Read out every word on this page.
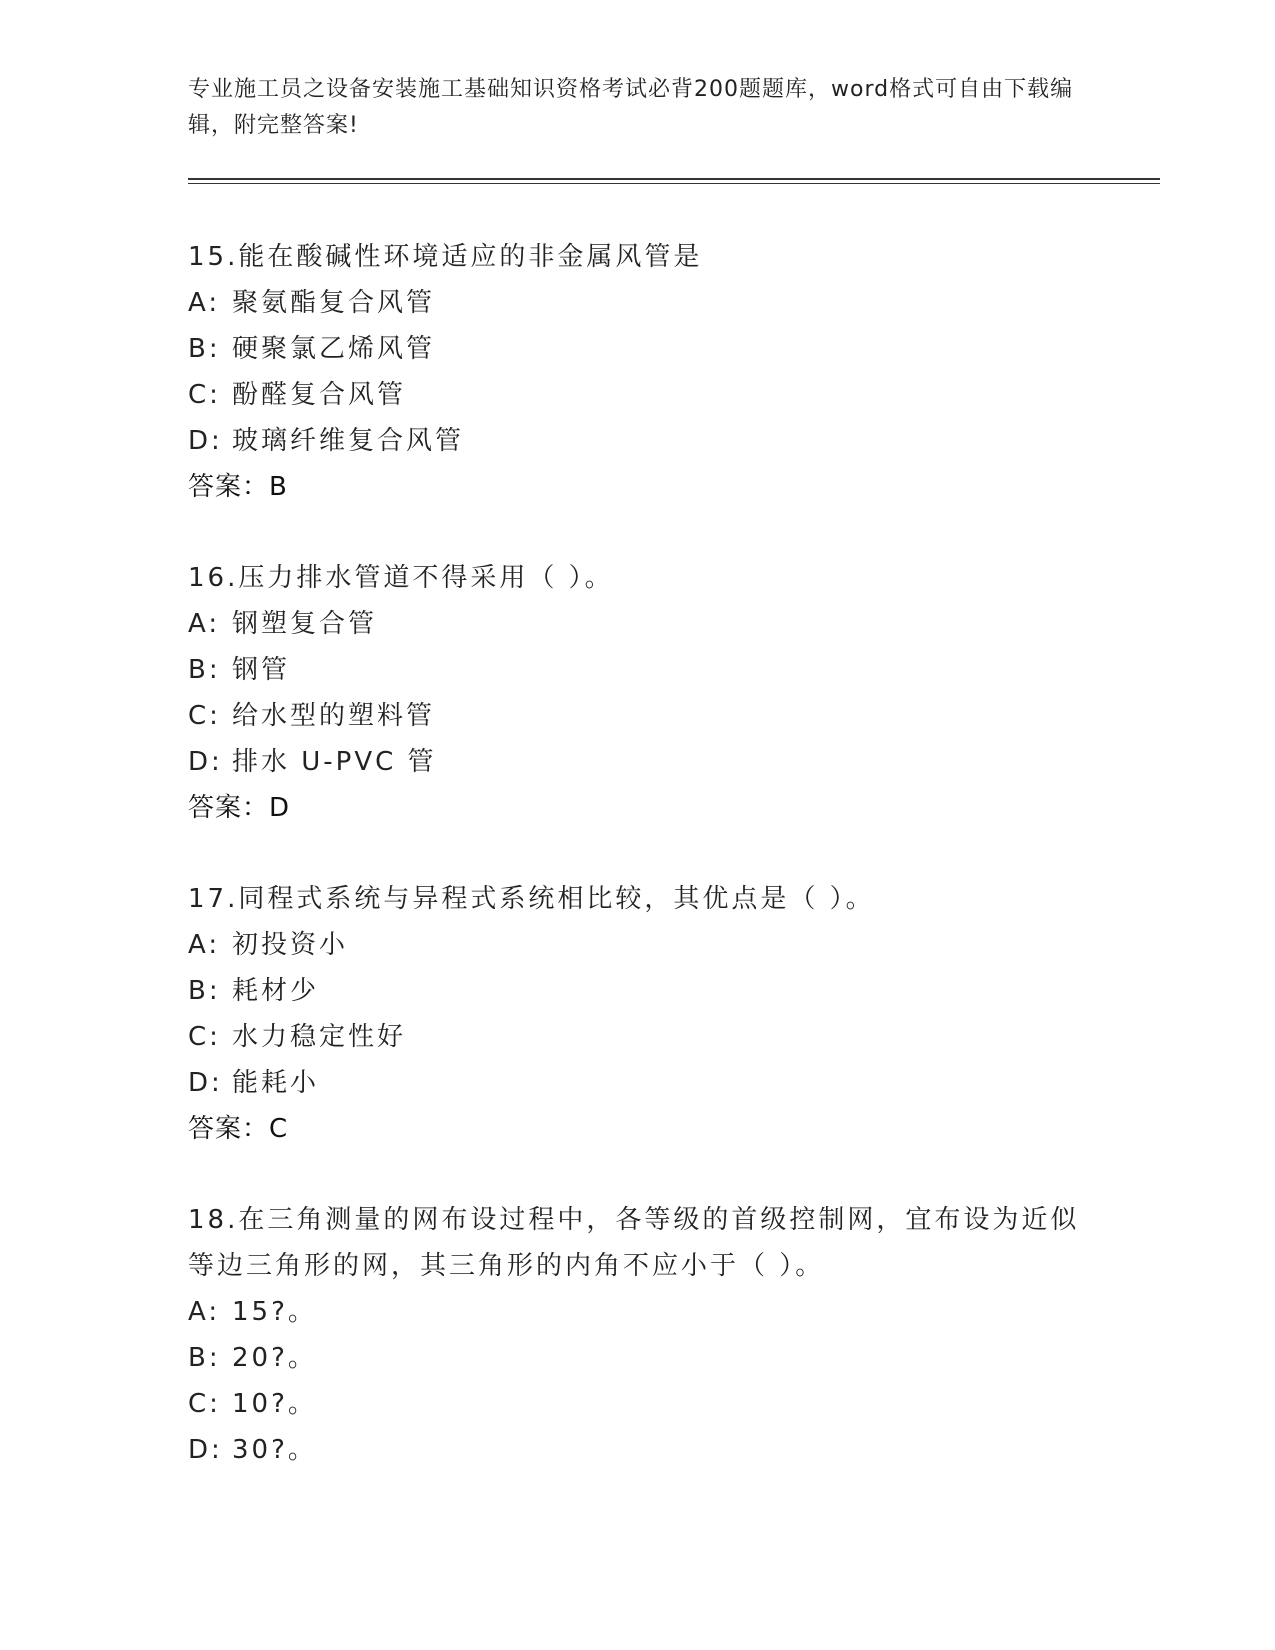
专业施工员之设备安装施工基础知识资格考试必背200题题库，word格式可自由下载编辑，附完整答案!
15.能在酸碱性环境适应的非金属风管是
A: 聚氨酯复合风管
B: 硬聚氯乙烯风管
C: 酚醛复合风管
D: 玻璃纤维复合风管
答案：B
16.压力排水管道不得采用（ ）。
A: 钢塑复合管
B: 钢管
C: 给水型的塑料管
D: 排水 U-PVC 管
答案：D
17.同程式系统与异程式系统相比较，其优点是（ ）。
A: 初投资小
B: 耗材少
C: 水力稳定性好
D: 能耗小
答案：C
18.在三角测量的网布设过程中，各等级的首级控制网，宜布设为近似等边三角形的网，其三角形的内角不应小于（ ）。
A: 15?。
B: 20?。
C: 10?。
D: 30?。
